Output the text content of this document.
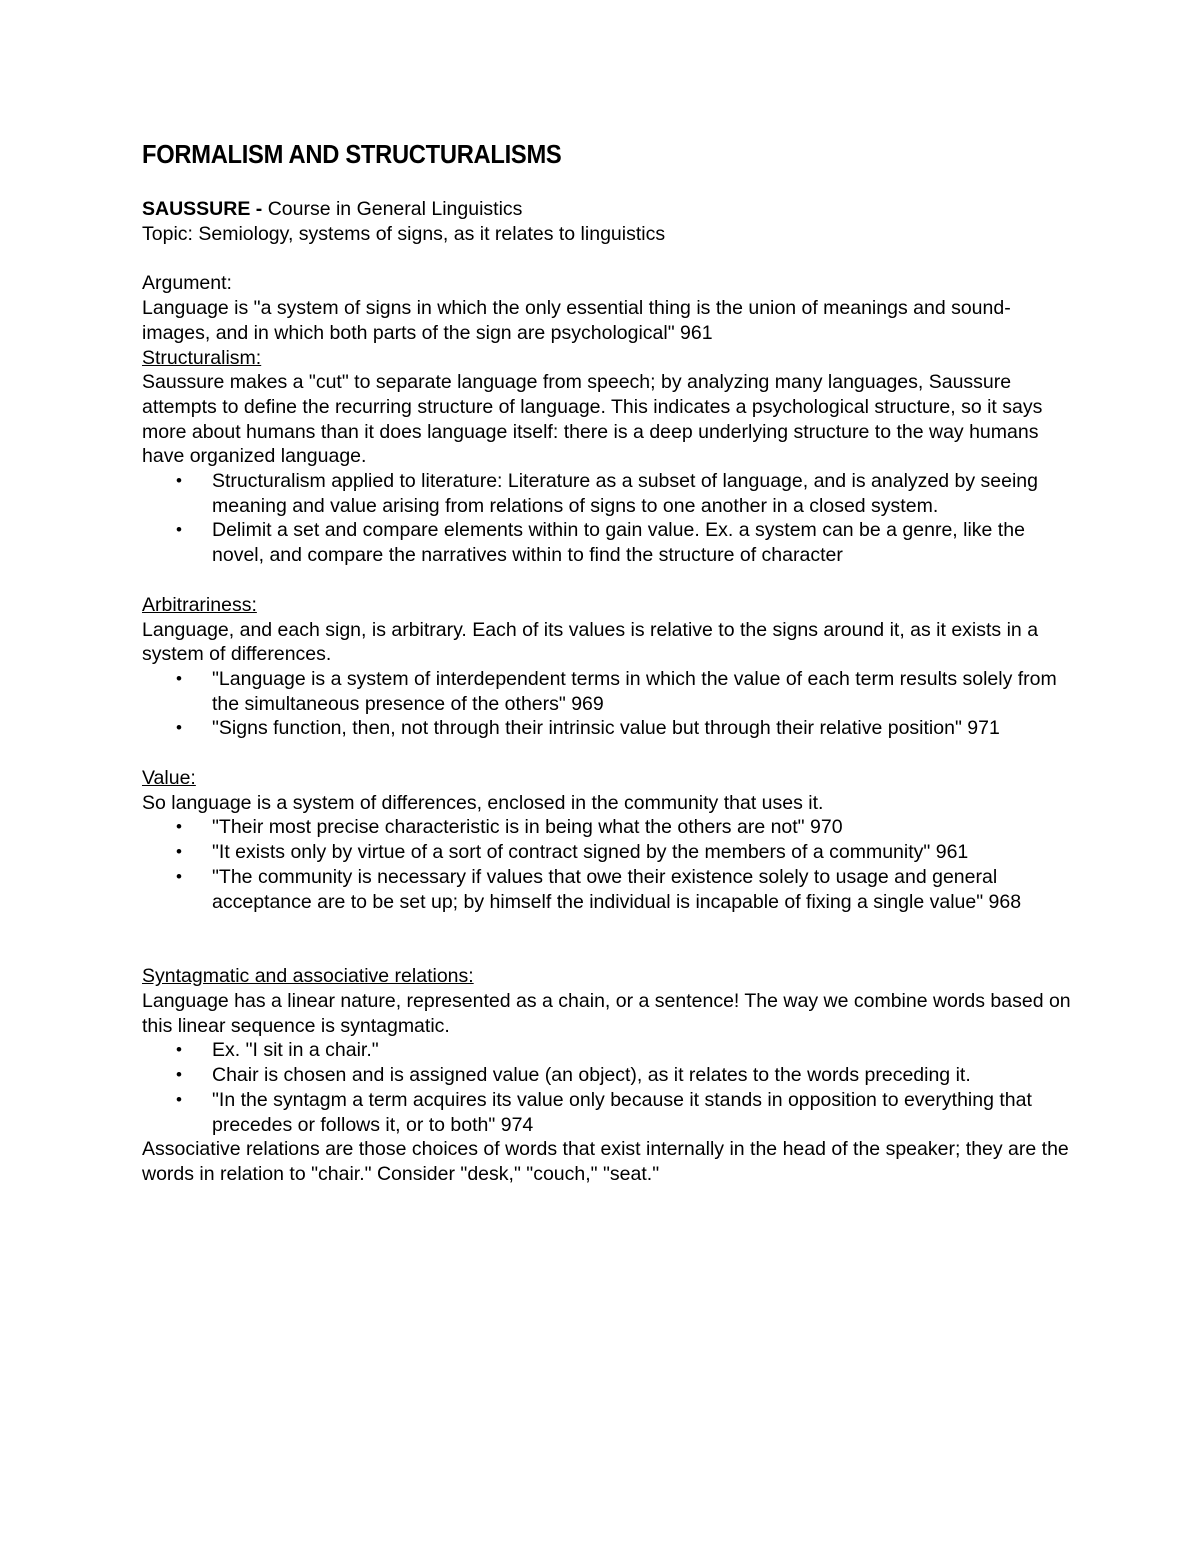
FORMALISM AND STRUCTURALISMS

SAUSSURE - Course in General Linguistics

Topic: Semiology, systems of signs, as it relates to linguistics

Argument:

Language is "a system of signs in which the only essential thing is the union of meanings and sound- images, and in which both parts of the sign are psychological" 961

Structuralism:

Saussure makes a "cut" to separate language from speech; by analyzing many languages, Saussure attempts to define the recurring structure of language. This indicates a psychological structure, so it says more about humans than it does language itself: there is a deep underlying structure to the way humans have organized language.

• Structuralism applied to literature: Literature as a subset of language, and is analyzed by seeing meaning and value arising from relations of signs to one another in a closed system.
• Delimit a set and compare elements within to gain value. Ex. a system can be a genre, like the novel, and compare the narratives within to find the structure of character

Arbitrariness:

Language, and each sign, is arbitrary. Each of its values is relative to the signs around it, as it exists in a system of differences.

• "Language is a system of interdependent terms in which the value of each term results solely from the simultaneous presence of the others" 969
• "Signs function, then, not through their intrinsic value but through their relative position" 971

Value:

So language is a system of differences, enclosed in the community that uses it.

• "Their most precise characteristic is in being what the others are not" 970
• "It exists only by virtue of a sort of contract signed by the members of a community" 961
• "The community is necessary if values that owe their existence solely to usage and general acceptance are to be set up; by himself the individual is incapable of fixing a single value" 968

Syntagmatic and associative relations:

Language has a linear nature, represented as a chain, or a sentence! The way we combine words based on this linear sequence is syntagmatic.

• Ex. "I sit in a chair."
• Chair is chosen and is assigned value (an object), as it relates to the words preceding it.
• "In the syntagm a term acquires its value only because it stands in opposition to everything that precedes or follows it, or to both" 974

Associative relations are those choices of words that exist internally in the head of the speaker; they are the words in relation to "chair." Consider "desk," "couch," "seat."
